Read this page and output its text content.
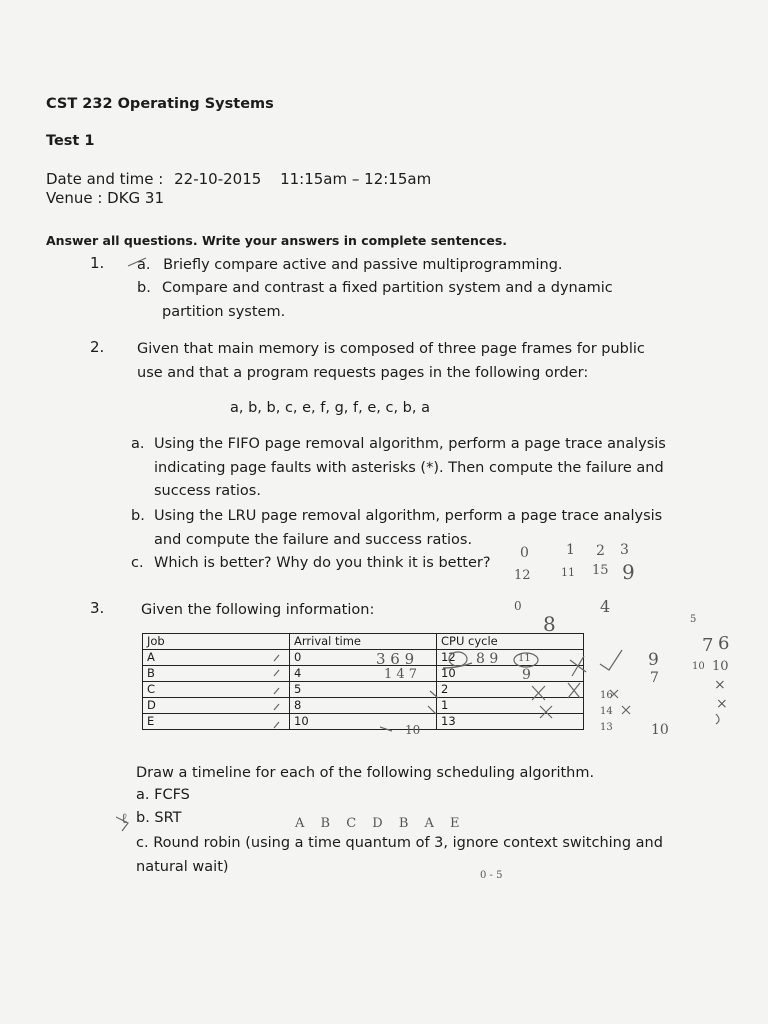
CST 232 Operating Systems
Test 1
Date and time : 22-10-2015 11:15am – 12:15am
Venue : DKG 31
Answer all questions. Write your answers in complete sentences.
1. a. Briefly compare active and passive multiprogramming.
b. Compare and contrast a fixed partition system and a dynamic partition system.
2. Given that main memory is composed of three page frames for public use and that a program requests pages in the following order:
a, b, b, c, e, f, g, f, e, c, b, a
a. Using the FIFO page removal algorithm, perform a page trace analysis indicating page faults with asterisks (*). Then compute the failure and success ratios.
b. Using the LRU page removal algorithm, perform a page trace analysis and compute the failure and success ratios.
c. Which is better? Why do you think it is better?
3.	Given the following information:
Job	Arrival time	CPU cycle
A	0	12
B	4	10
C	5	2
D	8	1
E	10	13
Draw a timeline for each of the following scheduling algorithm.
a. FCFS
b. SRT
c. Round robin (using a time quantum of 3, ignore context switching and natural wait)
0	1 2 3
12	11 15 9
0	4
8	5
7 6
10 10
×
×
9
7
16
14
13	10
3 6 9
1 4 7
10
8 9 11
9
A B C D B A E
0 - 5
ℓ
